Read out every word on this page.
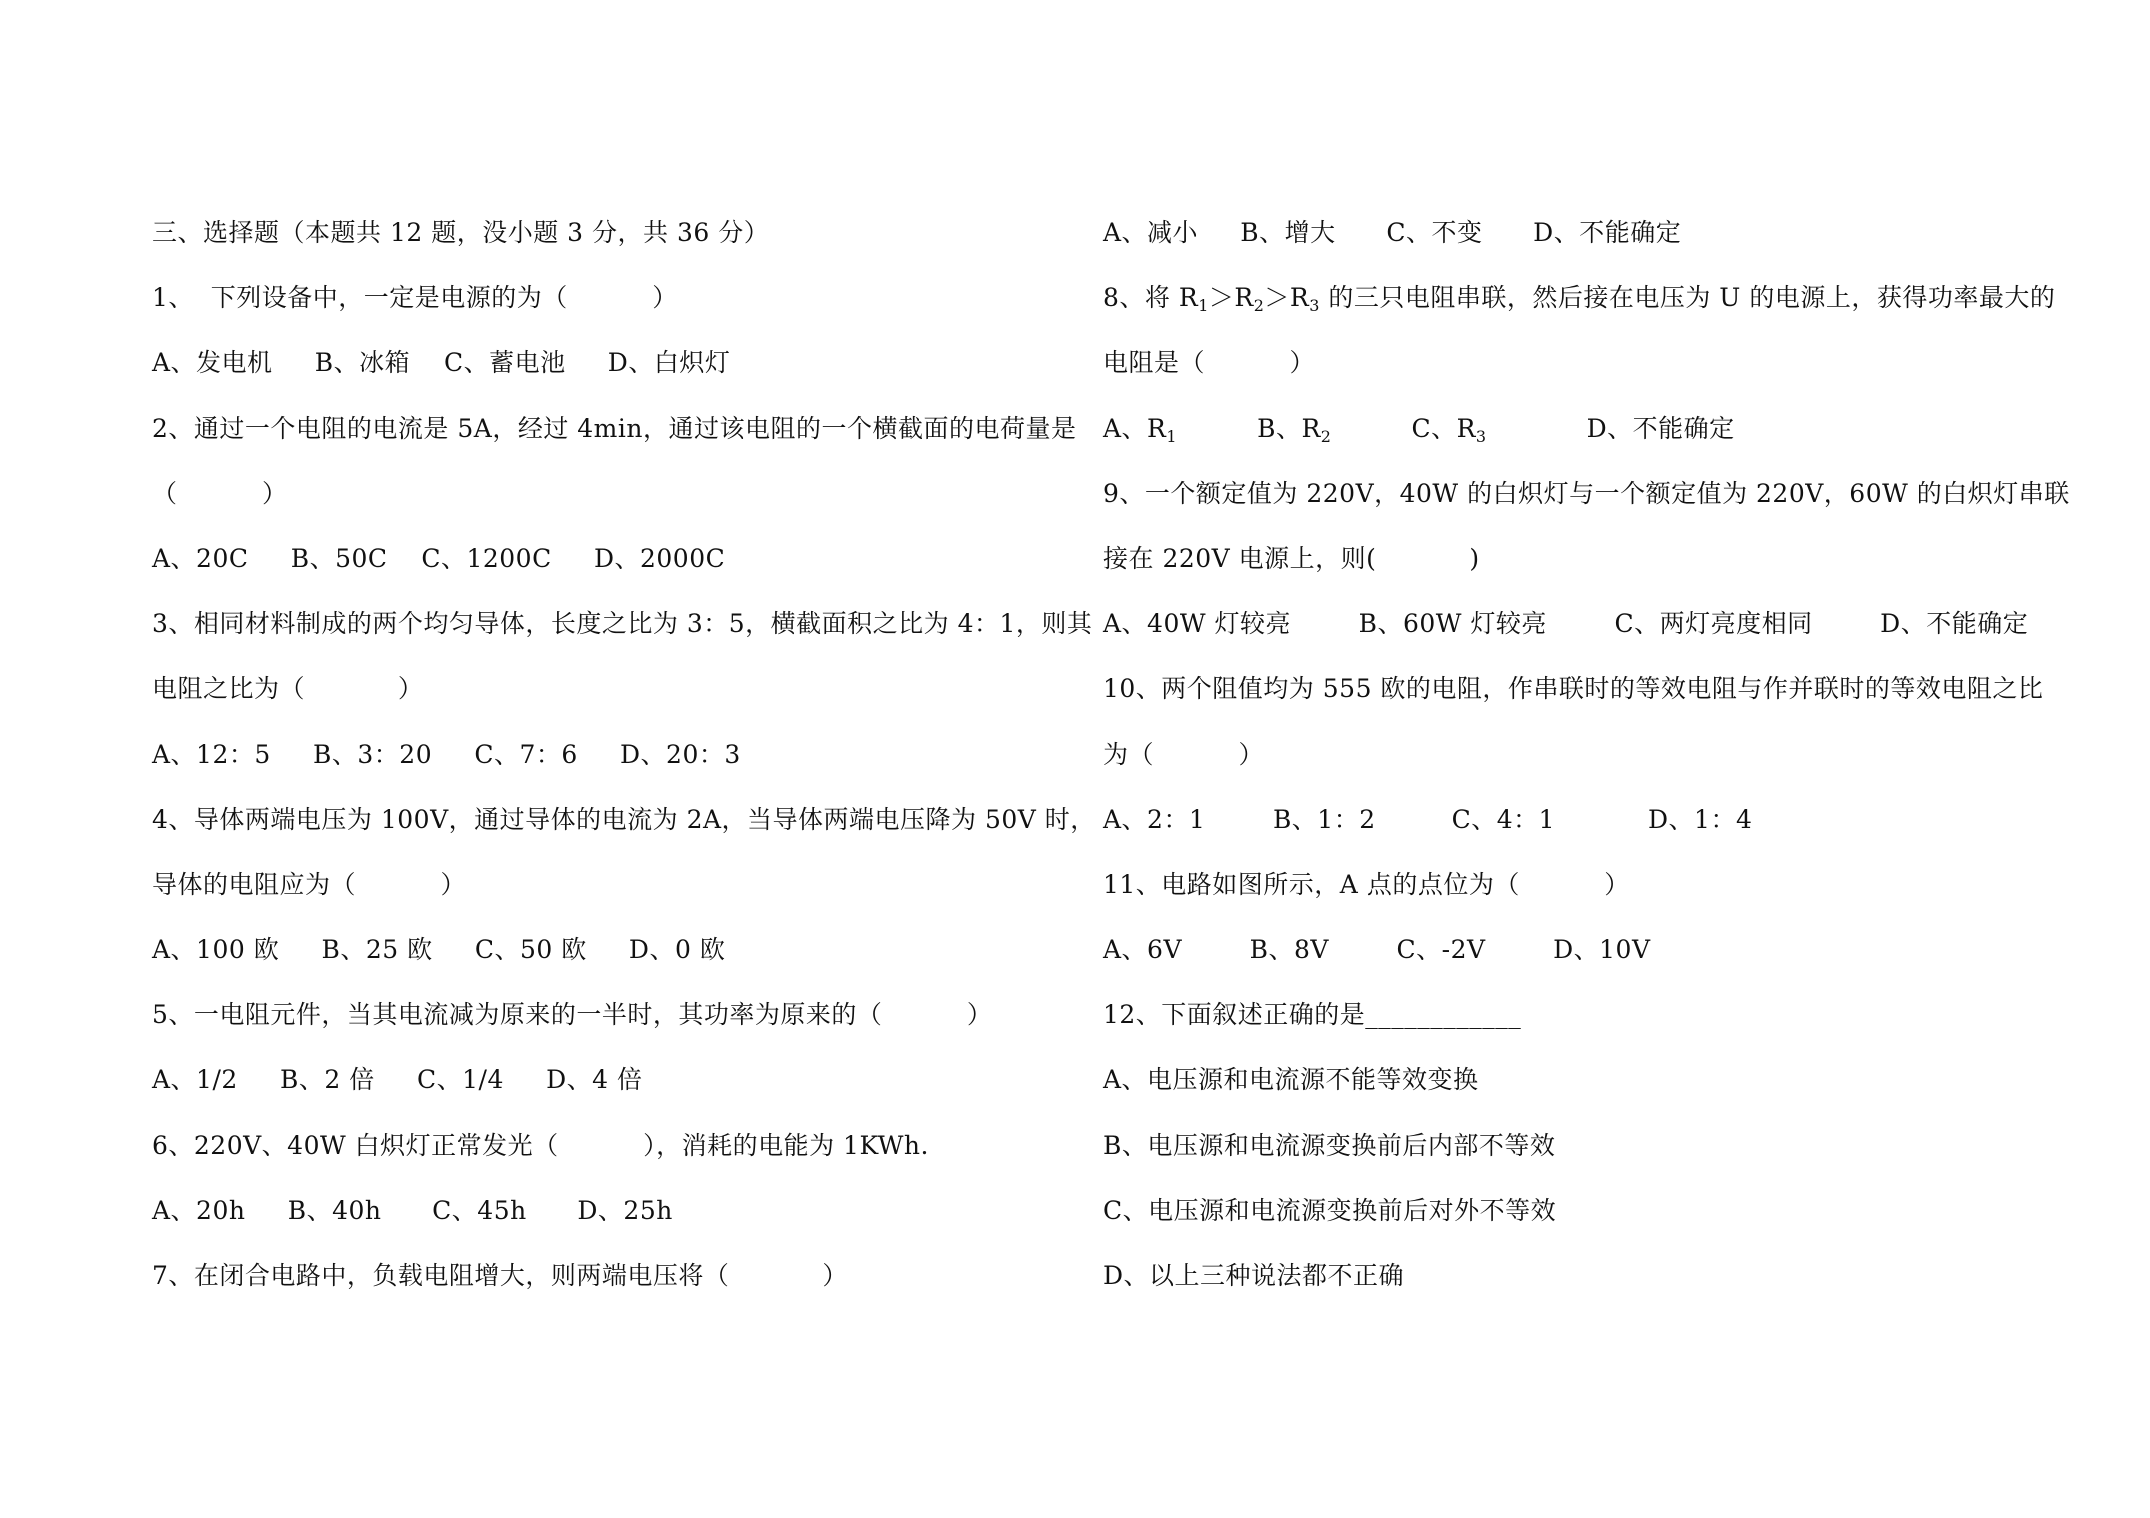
三、选择题（本题共 12 题，没小题 3 分，共 36 分）
1、  下列设备中，一定是电源的为（          ）
A、发电机     B、冰箱    C、蓄电池     D、白炽灯
2、通过一个电阻的电流是 5A，经过 4min，通过该电阻的一个横截面的电荷量是
（          ）
A、20C     B、50C    C、1200C     D、2000C
3、相同材料制成的两个均匀导体，长度之比为 3：5，横截面积之比为 4：1，则其
电阻之比为（           ）
A、12：5     B、3：20     C、7：6     D、20：3
4、导体两端电压为 100V，通过导体的电流为 2A，当导体两端电压降为 50V 时，
导体的电阻应为（          ）
A、100 欧     B、25 欧     C、50 欧     D、0 欧
5、一电阻元件，当其电流减为原来的一半时，其功率为原来的（          ）
A、1/2     B、2 倍     C、1/4     D、4 倍
6、220V、40W 白炽灯正常发光（          ），消耗的电能为 1KWh.
A、20h     B、40h      C、45h      D、25h
7、在闭合电路中，负载电阻增大，则两端电压将（           ）
A、减小     B、增大      C、不变      D、不能确定
8、将 $R_1>R_2>R_3$ 的三只电阻串联，然后接在电压为 U 的电源上，获得功率最大的
电阻是（          ）
A、$R_1$	B、$R_2$	C、$R_3$	D、不能确定
9、一个额定值为 220V，40W 的白炽灯与一个额定值为 220V，60W 的白炽灯串联
接在 220V 电源上，则(           )
A、40W 灯较亮        B、60W 灯较亮        C、两灯亮度相同        D、不能确定
10、两个阻值均为 555 欧的电阻，作串联时的等效电阻与作并联时的等效电阻之比
为（          ）
A、2：1        B、1：2         C、4：1           D、1：4
11、电路如图所示，A 点的点位为（          ）
A、6V        B、8V        C、-2V        D、10V
12、下面叙述正确的是____________
A、电压源和电流源不能等效变换
B、电压源和电流源变换前后内部不等效
C、电压源和电流源变换前后对外不等效
D、以上三种说法都不正确
